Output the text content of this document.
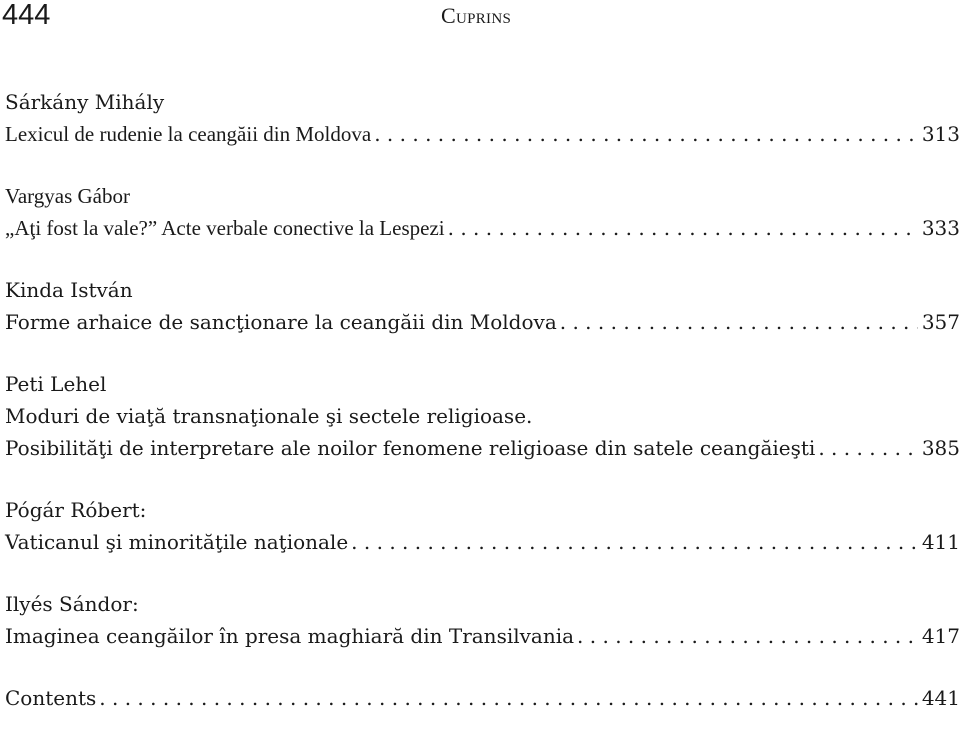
444	Cuprins
Sárkány Mihály
Lexicul de rudenie la ceangăii din Moldova . . .	313
Vargyas Gábor
„Aţi fost la vale?” Acte verbale conective la Lespezi . . .	333
Kinda István
Forme arhaice de sancţionare la ceangăii din Moldova . . .	357
Peti Lehel
Moduri de viaţă transnaţionale şi sectele religioase.
Posibilităţi de interpretare ale noilor fenomene religioase din satele ceangăieşti . . .	385
Pógár Róbert:
Vaticanul şi minorităţile naţionale . . .	411
Ilyés Sándor:
Imaginea ceangăilor în presa maghiară din Transilvania . . .	417
Contents . . .	441
